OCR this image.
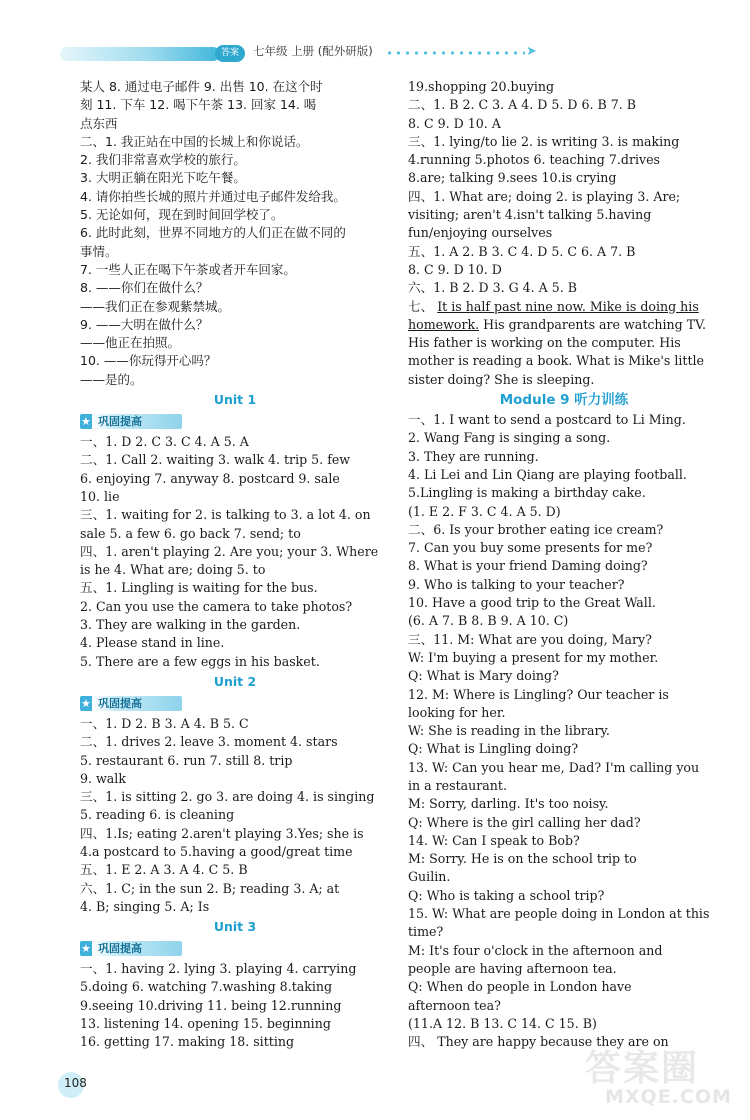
答案	七年级 上册 (配外研版)	➤
某人 8. 通过电子邮件 9. 出售 10. 在这个时
刻 11. 下车 12. 喝下午茶 13. 回家 14. 喝
点东西
二、1. 我正站在中国的长城上和你说话。
2. 我们非常喜欢学校的旅行。
3. 大明正躺在阳光下吃午餐。
4. 请你拍些长城的照片并通过电子邮件发给我。
5. 无论如何，现在到时间回学校了。
6. 此时此刻，世界不同地方的人们正在做不同的
事情。
7. 一些人正在喝下午茶或者开车回家。
8. ——你们在做什么？
——我们正在参观紫禁城。
9. ——大明在做什么？
——他正在拍照。
10. ——你玩得开心吗？
——是的。
Unit 1
★ 巩固提高
一、1. D 2. C 3. C 4. A 5. A
二、1. Call 2. waiting 3. walk 4. trip 5. few
6. enjoying 7. anyway 8. postcard 9. sale
10. lie
三、1. waiting for 2. is talking to 3. a lot 4. on
sale 5. a few 6. go back 7. send; to
四、1. aren't playing 2. Are you; your 3. Where
is he 4. What are; doing 5. to
五、1. Lingling is waiting for the bus.
2. Can you use the camera to take photos?
3. They are walking in the garden.
4. Please stand in line.
5. There are a few eggs in his basket.
Unit 2
★ 巩固提高
一、1. D 2. B 3. A 4. B 5. C
二、1. drives 2. leave 3. moment 4. stars
5. restaurant 6. run 7. still 8. trip
9. walk
三、1. is sitting 2. go 3. are doing 4. is singing
5. reading 6. is cleaning
四、1.Is; eating 2.aren't playing 3.Yes; she is
4.a postcard to 5.having a good/great time
五、1. E 2. A 3. A 4. C 5. B
六、1. C; in the sun 2. B; reading 3. A; at
4. B; singing 5. A; Is
Unit 3
★ 巩固提高
一、1. having 2. lying 3. playing 4. carrying
5.doing 6. watching 7.washing 8.taking
9.seeing 10.driving 11. being 12.running
13. listening 14. opening 15. beginning
16. getting 17. making 18. sitting
19.shopping 20.buying
二、1. B 2. C 3. A 4. D 5. D 6. B 7. B
8. C 9. D 10. A
三、1. lying/to lie 2. is writing 3. is making
4.running 5.photos 6. teaching 7.drives
8.are; talking 9.sees 10.is crying
四、1. What are; doing 2. is playing 3. Are;
visiting; aren't 4.isn't talking 5.having
fun/enjoying ourselves
五、1. A 2. B 3. C 4. D 5. C 6. A 7. B
8. C 9. D 10. D
六、1. B 2. D 3. G 4. A 5. B
七、 It is half past nine now. Mike is doing his
homework. His grandparents are watching TV.
His father is working on the computer. His
mother is reading a book. What is Mike's little
sister doing? She is sleeping.
Module 9 听力训练
一、1. I want to send a postcard to Li Ming.
2. Wang Fang is singing a song.
3. They are running.
4. Li Lei and Lin Qiang are playing football.
5.Lingling is making a birthday cake.
(1. E 2. F 3. C 4. A 5. D)
二、6. Is your brother eating ice cream?
7. Can you buy some presents for me?
8. What is your friend Daming doing?
9. Who is talking to your teacher?
10. Have a good trip to the Great Wall.
(6. A 7. B 8. B 9. A 10. C)
三、11. M: What are you doing, Mary?
W: I'm buying a present for my mother.
Q: What is Mary doing?
12. M: Where is Lingling? Our teacher is
looking for her.
W: She is reading in the library.
Q: What is Lingling doing?
13. W: Can you hear me, Dad? I'm calling you
in a restaurant.
M: Sorry, darling. It's too noisy.
Q: Where is the girl calling her dad?
14. W: Can I speak to Bob?
M: Sorry. He is on the school trip to
Guilin.
Q: Who is taking a school trip?
15. W: What are people doing in London at this
time?
M: It's four o'clock in the afternoon and
people are having afternoon tea.
Q: When do people in London have
afternoon tea?
(11.A 12. B 13. C 14. C 15. B)
四、 They are happy because they are on
108	答案圈
MXQE.COM
